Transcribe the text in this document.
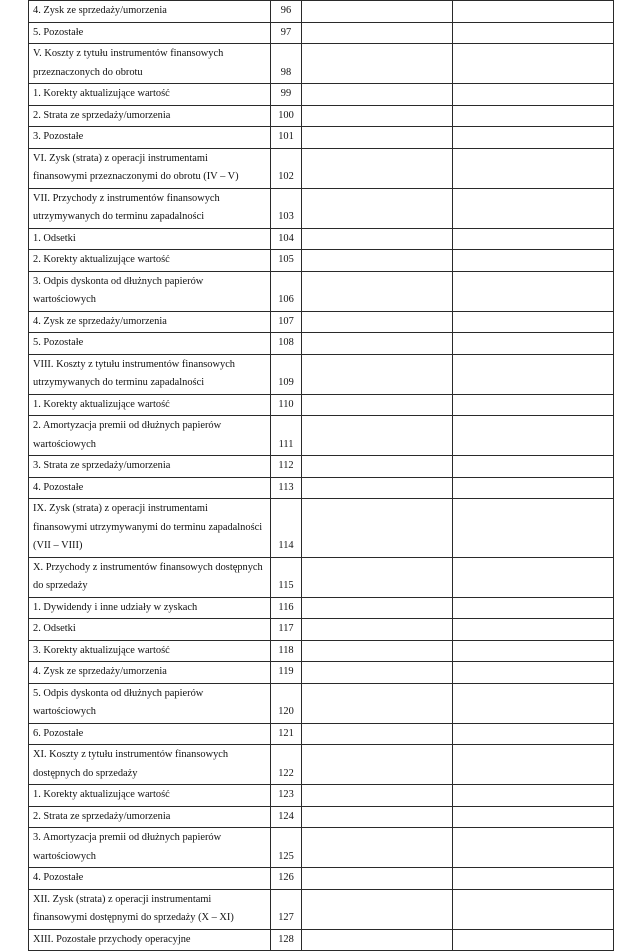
4. Zysk ze sprzedaży/umorzenia	96		
5. Pozostałe	97		
V. Koszty z tytułu instrumentów finansowych
przeznaczonych do obrotu	98		
1. Korekty aktualizujące wartość	99		
2. Strata ze sprzedaży/umorzenia	100		
3. Pozostałe	101		
VI. Zysk (strata) z operacji instrumentami
finansowymi przeznaczonymi do obrotu (IV – V)	102		
VII. Przychody z instrumentów finansowych
utrzymywanych do terminu zapadalności	103		
1. Odsetki	104		
2. Korekty aktualizujące wartość	105		
3. Odpis dyskonta od dłużnych papierów
wartościowych	106		
4. Zysk ze sprzedaży/umorzenia	107		
5. Pozostałe	108		
VIII. Koszty z tytułu instrumentów finansowych
utrzymywanych do terminu zapadalności	109		
1. Korekty aktualizujące wartość	110		
2. Amortyzacja premii od dłużnych papierów
wartościowych	111		
3. Strata ze sprzedaży/umorzenia	112		
4. Pozostałe	113		
IX. Zysk (strata) z operacji instrumentami
finansowymi utrzymywanymi do terminu zapadalności
(VII – VIII)	114		
X. Przychody z instrumentów finansowych dostępnych
do sprzedaży	115		
1. Dywidendy i inne udziały w zyskach	116		
2. Odsetki	117		
3. Korekty aktualizujące wartość	118		
4. Zysk ze sprzedaży/umorzenia	119		
5. Odpis dyskonta od dłużnych papierów
wartościowych	120		
6. Pozostałe	121		
XI. Koszty z tytułu instrumentów finansowych
dostępnych do sprzedaży	122		
1. Korekty aktualizujące wartość	123		
2. Strata ze sprzedaży/umorzenia	124		
3. Amortyzacja premii od dłużnych papierów
wartościowych	125		
4. Pozostałe	126		
XII. Zysk (strata) z operacji instrumentami
finansowymi dostępnymi do sprzedaży (X – XI)	127		
XIII. Pozostałe przychody operacyjne	128		
